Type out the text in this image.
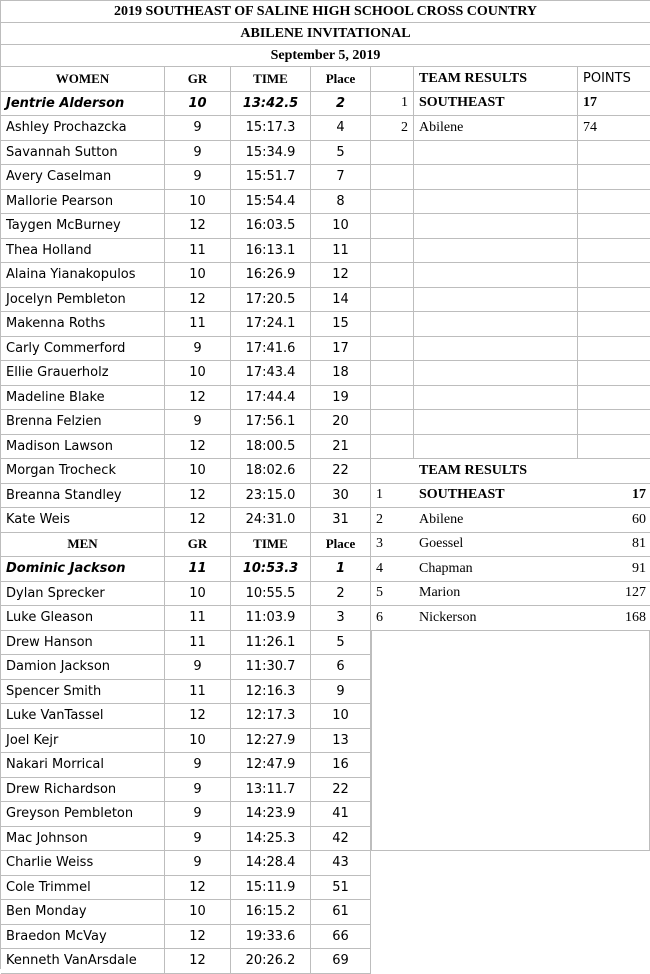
2019 SOUTHEAST OF SALINE HIGH SCHOOL CROSS COUNTRY
ABILENE INVITATIONAL
September 5, 2019
WOMEN	GR	TIME	Place	TEAM RESULTS	POINTS
Jentrie Alderson	10	13:42.5	2
Ashley Prochazcka	9	15:17.3	4
Savannah Sutton	9	15:34.9	5
Avery Caselman	9	15:51.7	7
Mallorie Pearson	10	15:54.4	8
Taygen McBurney	12	16:03.5	10
Thea Holland	11	16:13.1	11
Alaina Yianakopulos	10	16:26.9	12
Jocelyn Pembleton	12	17:20.5	14
Makenna Roths	11	17:24.1	15
Carly Commerford	9	17:41.6	17
Ellie Grauerholz	10	17:43.4	18
Madeline Blake	12	17:44.4	19
Brenna Felzien	9	17:56.1	20
Madison Lawson	12	18:00.5	21
Morgan Trocheck	10	18:02.6	22
Breanna Standley	12	23:15.0	30
Kate Weis	12	24:31.0	31
1 SOUTHEAST	17
2 Abilene	74
TEAM RESULTS
1	SOUTHEAST	17
2	Abilene	60
3	Goessel	81
4	Chapman	91
5	Marion	127
6	Nickerson	168
MEN	GR	TIME	Place
Dominic Jackson	11	10:53.3	1
Dylan Sprecker	10	10:55.5	2
Luke Gleason	11	11:03.9	3
Drew Hanson	11	11:26.1	5
Damion Jackson	9	11:30.7	6
Spencer Smith	11	12:16.3	9
Luke VanTassel	12	12:17.3	10
Joel Kejr	10	12:27.9	13
Nakari Morrical	9	12:47.9	16
Drew Richardson	9	13:11.7	22
Greyson Pembleton	9	14:23.9	41
Mac Johnson	9	14:25.3	42
Charlie Weiss	9	14:28.4	43
Cole Trimmel	12	15:11.9	51
Ben Monday	10	16:15.2	61
Braedon McVay	12	19:33.6	66
Kenneth VanArsdale	12	20:26.2	69
